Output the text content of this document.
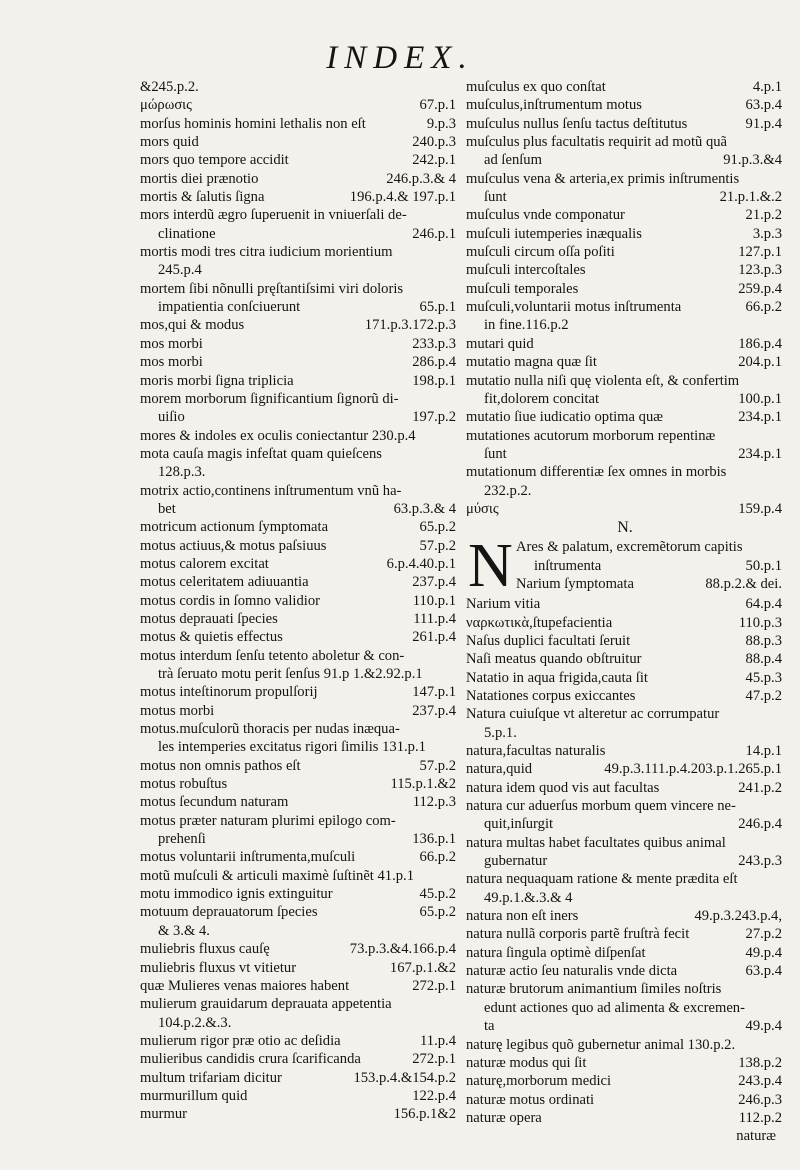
INDEX.
&245.p.2.
μώρωσις	67.p.1
morſus hominis homini lethalis non eſt	9.p.3
mors quid	240.p.3
mors quo tempore accidit	242.p.1
mortis diei prænotio	246.p.3.& 4
mortis & ſalutis ſigna	196.p.4.& 197.p.1
mors interdũ ægro ſuperuenit in vniuerſali de-
clinatione	246.p.1
mortis modi tres citra iudicium morientium
245.p.4
mortem ſibi nõnulli pręſtantiſsimi viri doloris
impatientia conſciuerunt	65.p.1
mos,qui & modus	171.p.3.172.p.3
mos morbi	233.p.3
mos morbi	286.p.4
moris morbi ſigna triplicia	198.p.1
morem morborum ſignificantium ſignorũ di-
uiſio	197.p.2
mores & indoles ex oculis coniectantur 230.p.4
mota cauſa magis infeſtat quam quieſcens
128.p.3.
motrix actio,continens inſtrumentum vnũ ha-
bet	63.p.3.& 4
motricum actionum ſymptomata	65.p.2
motus actiuus,& motus paſsiuus	57.p.2
motus calorem excitat	6.p.4.40.p.1
motus celeritatem adiuuantia	237.p.4
motus cordis in ſomno validior	110.p.1
motus deprauati ſpecies	111.p.4
motus & quietis effectus	261.p.4
motus interdum ſenſu tetento aboletur & con-
trà ſeruato motu perit ſenſus 91.p 1.&2.92.p.1
motus inteſtinorum propulſorij	147.p.1
motus morbi	237.p.4
motus.muſculorũ thoracis per nudas inæqua-
les intemperies excitatus rigori ſimilis 131.p.1
motus non omnis pathos eſt	57.p.2
motus robuſtus	115.p.1.&2
motus ſecundum naturam	112.p.3
motus præter naturam plurimi epilogo com-
prehenſi	136.p.1
motus voluntarii inſtrumenta,muſculi	66.p.2
motũ muſculi & articuli maximè ſuſtinẽt 41.p.1
motu immodico ignis extinguitur	45.p.2
motuum deprauatorum ſpecies	65.p.2
& 3.& 4.
muliebris fluxus cauſę	73.p.3.&4.166.p.4
muliebris fluxus vt vitietur	167.p.1.&2
quæ Mulieres venas maiores habent	272.p.1
mulierum grauidarum deprauata appetentia
104.p.2.&.3.
mulierum rigor præ otio ac deſidia	11.p.4
mulieribus candidis crura ſcarificanda	272.p.1
multum trifariam dicitur	153.p.4.&154.p.2
murmurillum quid	122.p.4
murmur	156.p.1&2
muſculus ex quo conſtat	4.p.1
muſculus,inſtrumentum motus	63.p.4
muſculus nullus ſenſu tactus deſtitutus	91.p.4
muſculus plus facultatis requirit ad motũ quã
ad ſenſum	91.p.3.&4
muſculus vena & arteria,ex primis inſtrumentis
ſunt	21.p.1.&.2
muſculus vnde componatur	21.p.2
muſculi iutemperies inæqualis	3.p.3
muſculi circum oſſa poſiti	127.p.1
muſculi intercoſtales	123.p.3
muſculi temporales	259.p.4
muſculi,voluntarii motus inſtrumenta	66.p.2
in fine.116.p.2
mutari quid	186.p.4
mutatio magna quæ ſit	204.p.1
mutatio nulla niſi quę violenta eſt, & confertim
fit,dolorem concitat	100.p.1
mutatio ſiue iudicatio optima quæ	234.p.1
mutationes acutorum morborum repentinæ
ſunt	234.p.1
mutationum differentiæ ſex omnes in morbis
232.p.2.
μύσις	159.p.4
N.
N Ares & palatum, excremẽtorum capitis
inſtrumenta	50.p.1
Narium ſymptomata	88.p.2.& dei.
Narium vitia	64.p.4
ναρκωτικὰ,ſtupefacientia	110.p.3
Naſus duplici facultati ſeruit	88.p.3
Naſi meatus quando obſtruitur	88.p.4
Natatio in aqua frigida,cauta ſit	45.p.3
Natationes corpus exiccantes	47.p.2
Natura cuiuſque vt alteretur ac corrumpatur
5.p.1.
natura,facultas naturalis	14.p.1
natura,quid	49.p.3.111.p.4.203.p.1.265.p.1
natura idem quod vis aut facultas	241.p.2
natura cur aduerſus morbum quem vincere ne-
quit,inſurgit	246.p.4
natura multas habet facultates quibus animal
gubernatur	243.p.3
natura nequaquam ratione & mente prædita eſt
49.p.1.&.3.& 4
natura non eſt iners	49.p.3.243.p.4,
natura nullã corporis partẽ fruſtrà fecit	27.p.2
natura ſingula optimè diſpenſat	49.p.4
naturæ actio ſeu naturalis vnde dicta	63.p.4
naturæ brutorum animantium ſimiles noſtris
edunt actiones quo ad alimenta & excremen-
ta	49.p.4
naturę legibus quõ gubernetur animal 130.p.2.
naturæ modus qui ſit	138.p.2
naturę,morborum medici	243.p.4
naturæ motus ordinati	246.p.3
naturæ opera	112.p.2
naturæ
